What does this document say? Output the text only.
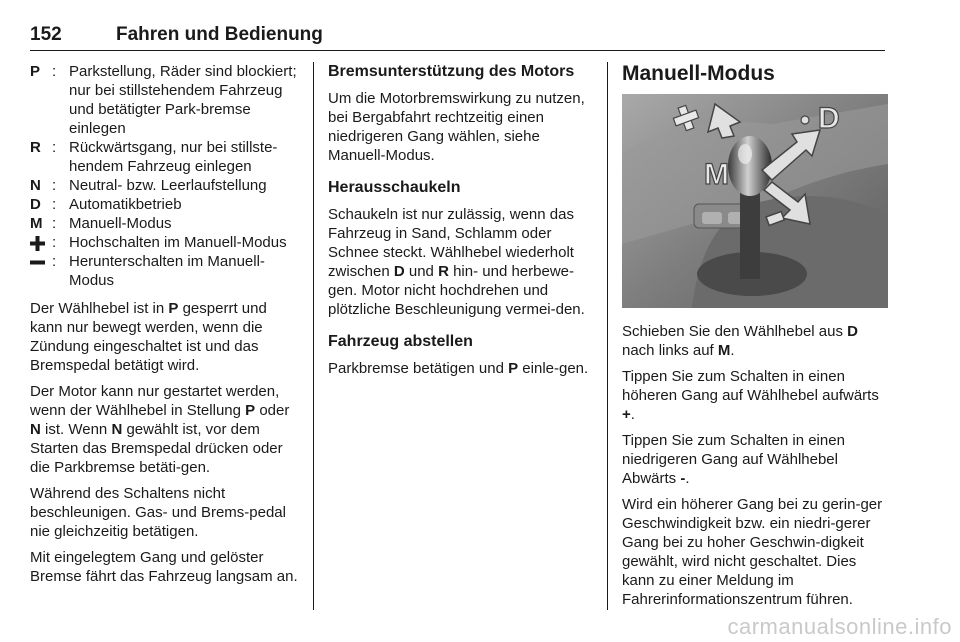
152	Fahren und Bedienung
P : Parkstellung, Räder sind blockiert; nur bei stillstehendem Fahrzeug und betätigter Park-bremse einlegen
R : Rückwärtsgang, nur bei stillste-hendem Fahrzeug einlegen
N : Neutral- bzw. Leerlaufstellung
D : Automatikbetrieb
M : Manuell-Modus
: Hochschalten im Manuell-Modus
: Herunterschalten im Manuell-Modus

Der Wählhebel ist in P gesperrt und kann nur bewegt werden, wenn die Zündung eingeschaltet ist und das Bremspedal betätigt wird.

Der Motor kann nur gestartet werden, wenn der Wählhebel in Stellung P oder N ist. Wenn N gewählt ist, vor dem Starten das Bremspedal drücken oder die Parkbremse betäti-gen.

Während des Schaltens nicht beschleunigen. Gas- und Brems-pedal nie gleichzeitig betätigen.

Mit eingelegtem Gang und gelöster Bremse fährt das Fahrzeug langsam an.

Bremsunterstützung des Motors

Um die Motorbremswirkung zu nutzen, bei Bergabfahrt rechtzeitig einen niedrigeren Gang wählen, siehe Manuell-Modus.

Herausschaukeln

Schaukeln ist nur zulässig, wenn das Fahrzeug in Sand, Schlamm oder Schnee steckt. Wählhebel wiederholt zwischen D und R hin- und herbewe-gen. Motor nicht hochdrehen und plötzliche Beschleunigung vermei-den.

Fahrzeug abstellen

Parkbremse betätigen und P einle-gen.

Manuell-Modus
D
M

Schieben Sie den Wählhebel aus D nach links auf M.

Tippen Sie zum Schalten in einen höheren Gang auf Wählhebel aufwärts +.

Tippen Sie zum Schalten in einen niedrigeren Gang auf Wählhebel Abwärts -.

Wird ein höherer Gang bei zu gerin-ger Geschwindigkeit bzw. ein niedri-gerer Gang bei zu hoher Geschwin-digkeit gewählt, wird nicht geschaltet. Dies kann zu einer Meldung im Fahrerinformationszentrum führen.

carmanualsonline.info
